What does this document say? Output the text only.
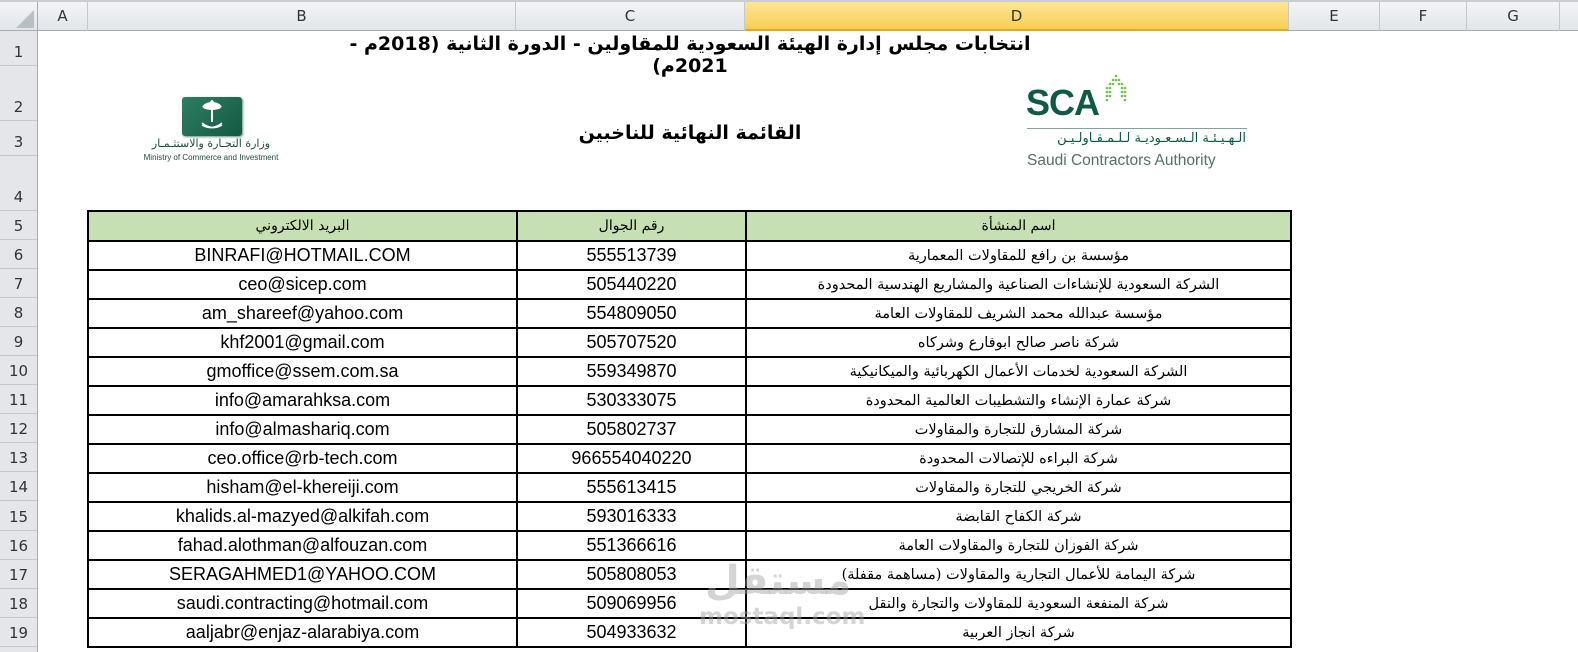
A	B	C	D	E	F	G
1
2
3
4
5
6
7
8
9
10
11
12
13
14
15
16
17
18
19
انتخابات مجلس إدارة الهيئة السعودية للمقاولين - الدورة الثانية (2018م - 2021م)
وزارة التجـارة والاستثـمـار
Ministry of Commerce and Investment
القائمة النهائية للناخبين
SCA
الـهـيـئـة الـسـعـوديـة لـلـمـقـاولـيـن
Saudi Contractors Authority
البريد الالكتروني	رقم الجوال	اسم المنشأة
BINRAFI@HOTMAIL.COM	555513739	مؤسسة بن رافع للمقاولات المعمارية
ceo@sicep.com	505440220	الشركة السعودية للإنشاءات الصناعية والمشاريع الهندسية المحدودة
am_shareef@yahoo.com	554809050	مؤسسة عبدالله محمد الشريف للمقاولات العامة
khf2001@gmail.com	505707520	شركة ناصر صالح ابوفارع وشركاه
gmoffice@ssem.com.sa	559349870	الشركة السعودية لخدمات الأعمال الكهربائية والميكانيكية
info@amarahksa.com	530333075	شركة عمارة الإنشاء والتشطيبات العالمية المحدودة
info@almashariq.com	505802737	شركة المشارق للتجارة والمقاولات
ceo.office@rb-tech.com	966554040220	شركة البراءه للإتصالات المحدودة
hisham@el-khereiji.com	555613415	شركة الخريجي للتجارة والمقاولات
khalids.al-mazyed@alkifah.com	593016333	شركة الكفاح القابضة
fahad.alothman@alfouzan.com	551366616	شركة الفوزان للتجارة والمقاولات العامة
SERAGAHMED1@YAHOO.COM	505808053	شركة اليمامة للأعمال التجارية والمقاولات (مساهمة مقفلة)
saudi.contracting@hotmail.com	509069956	شركة المنفعة السعودية للمقاولات والتجارة والنقل
aaljabr@enjaz-alarabiya.com	504933632	شركة انجاز العربية
مستقل
mostaql.com
